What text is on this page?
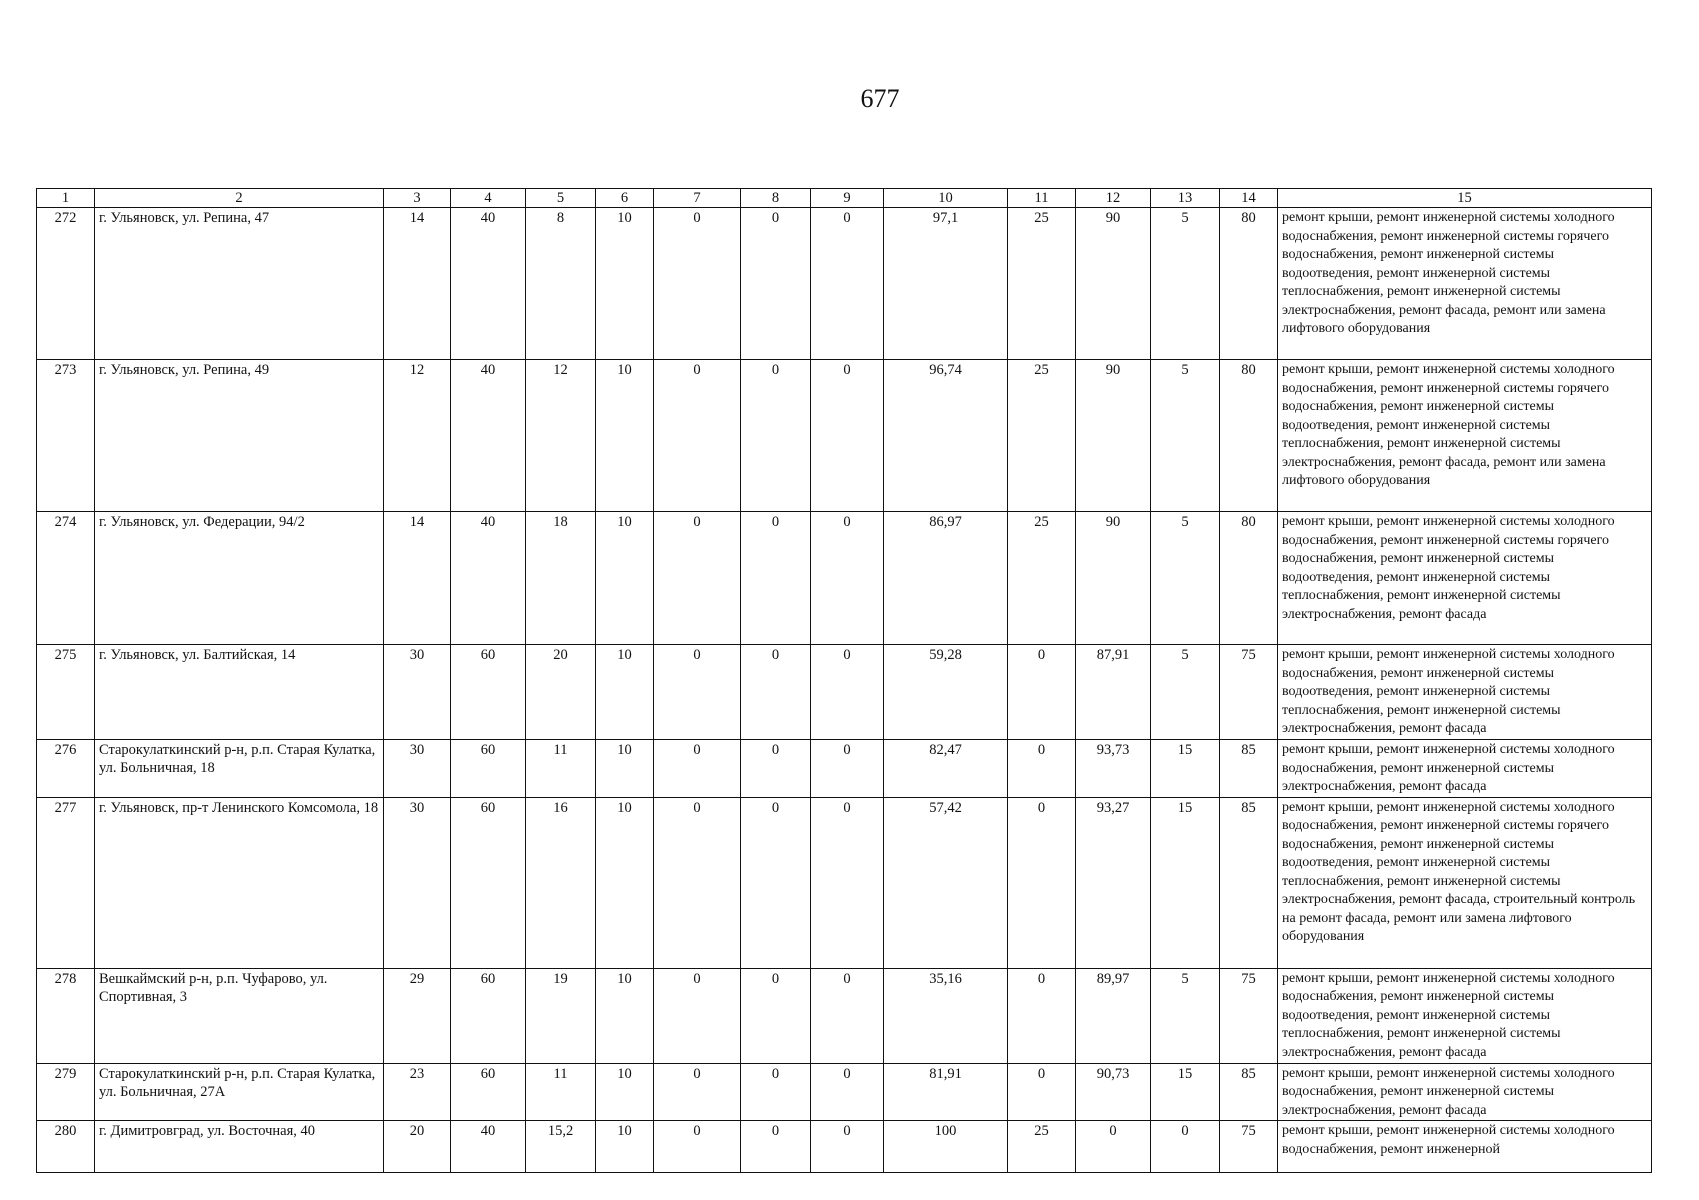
677
1	2	3	4	5	6	7	8	9	10	11	12	13	14	15
272	г. Ульяновск, ул. Репина, 47	14	40	8	10	0	0	0	97,1	25	90	5	80	ремонт крыши, ремонт инженерной системы холодного водоснабжения, ремонт инженерной системы горячего водоснабжения, ремонт инженерной системы водоотведения, ремонт инженерной системы теплоснабжения, ремонт инженерной системы электроснабжения, ремонт фасада, ремонт или замена лифтового оборудования
273	г. Ульяновск, ул. Репина, 49	12	40	12	10	0	0	0	96,74	25	90	5	80	ремонт крыши, ремонт инженерной системы холодного водоснабжения, ремонт инженерной системы горячего водоснабжения, ремонт инженерной системы водоотведения, ремонт инженерной системы теплоснабжения, ремонт инженерной системы электроснабжения, ремонт фасада, ремонт или замена лифтового оборудования
274	г. Ульяновск, ул. Федерации, 94/2	14	40	18	10	0	0	0	86,97	25	90	5	80	ремонт крыши, ремонт инженерной системы холодного водоснабжения, ремонт инженерной системы горячего водоснабжения, ремонт инженерной системы водоотведения, ремонт инженерной системы теплоснабжения, ремонт инженерной системы электроснабжения, ремонт фасада
275	г. Ульяновск, ул. Балтийская, 14	30	60	20	10	0	0	0	59,28	0	87,91	5	75	ремонт крыши, ремонт инженерной системы холодного водоснабжения, ремонт инженерной системы водоотведения, ремонт инженерной системы теплоснабжения, ремонт инженерной системы электроснабжения, ремонт фасада
276	Старокулаткинский р-н, р.п. Старая Кулатка, ул. Больничная, 18	30	60	11	10	0	0	0	82,47	0	93,73	15	85	ремонт крыши, ремонт инженерной системы холодного водоснабжения, ремонт инженерной системы электроснабжения, ремонт фасада
277	г. Ульяновск, пр-т Ленинского Комсомола, 18	30	60	16	10	0	0	0	57,42	0	93,27	15	85	ремонт крыши, ремонт инженерной системы холодного водоснабжения, ремонт инженерной системы горячего водоснабжения, ремонт инженерной системы водоотведения, ремонт инженерной системы теплоснабжения, ремонт инженерной системы электроснабжения, ремонт фасада, строительный контроль на ремонт фасада, ремонт или замена лифтового оборудования
278	Вешкаймский р-н, р.п. Чуфарово, ул. Спортивная, 3	29	60	19	10	0	0	0	35,16	0	89,97	5	75	ремонт крыши, ремонт инженерной системы холодного водоснабжения, ремонт инженерной системы водоотведения, ремонт инженерной системы теплоснабжения, ремонт инженерной системы электроснабжения, ремонт фасада
279	Старокулаткинский р-н, р.п. Старая Кулатка, ул. Больничная, 27А	23	60	11	10	0	0	0	81,91	0	90,73	15	85	ремонт крыши, ремонт инженерной системы холодного водоснабжения, ремонт инженерной системы электроснабжения, ремонт фасада
280	г. Димитровград, ул. Восточная, 40	20	40	15,2	10	0	0	0	100	25	0	0	75	ремонт крыши, ремонт инженерной системы холодного водоснабжения, ремонт инженерной
